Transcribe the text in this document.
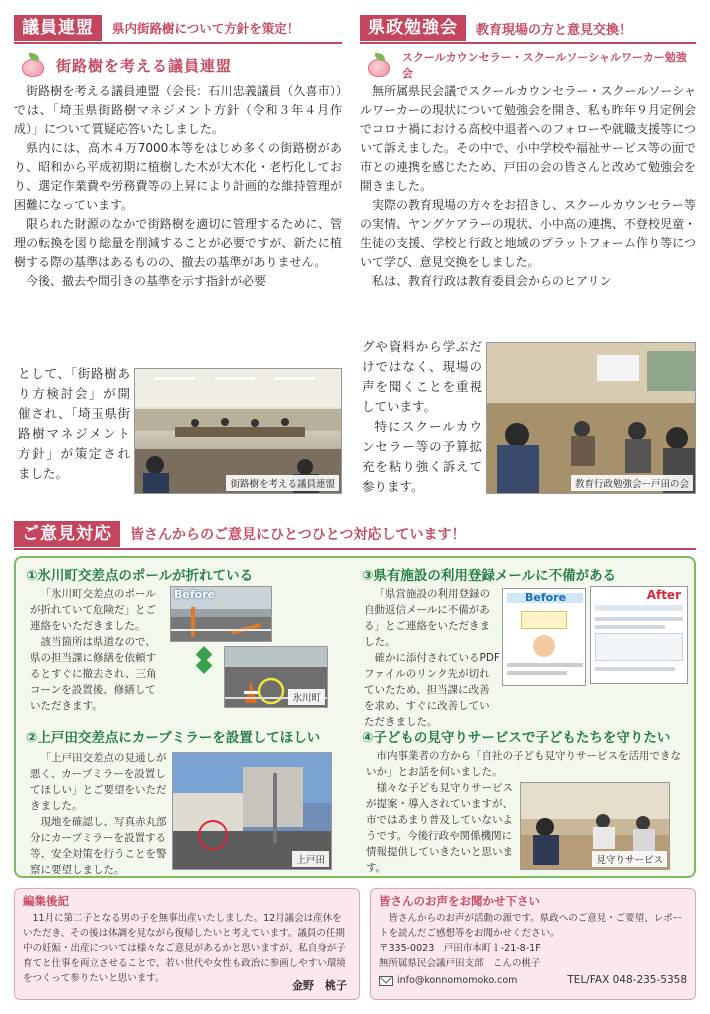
議員連盟	県内街路樹について方針を策定！
街路樹を考える議員連盟

街路樹を考える議員連盟（会長：石川忠義議員（久喜市））では、「埼玉県街路樹マネジメント方針（令和３年４月作成）」について質疑応答いたしました。

県内には、高木４万7000本等をはじめ多くの街路樹があり、昭和から平成初期に植樹した木が大木化・老朽化しており、選定作業費や労務費等の上昇により計画的な維持管理が困難になっています。

限られた財源のなかで街路樹を適切に管理するために、管理の転換を図り総量を削減することが必要ですが、新たに植樹する際の基準はあるものの、撤去の基準がありません。

今後、撤去や間引きの基準を示す指針が必要

として、「街路樹あり方検討会」が開催され、「埼玉県街路樹マネジメント方針」が策定されました。
街路樹を考える議員連盟
県政勉強会	教育現場の方と意見交換！
スクールカウンセラー・スクールソーシャルワーカー勉強会

無所属県民会議でスクールカウンセラー・スクールソーシャルワーカーの現状について勉強会を開き、私も昨年９月定例会でコロナ禍における高校中退者へのフォローや就職支援等について訴えました。その中で、小中学校や福祉サービス等の面で市との連携を感じたため、戸田の会の皆さんと改めて勉強会を開きました。

実際の教育現場の方々をお招きし、スクールカウンセラー等の実情、ヤングケアラーの現状、小中高の連携、不登校児童・生徒の支援、学校と行政と地域のプラットフォーム作り等について学び、意見交換をしました。

私は、教育行政は教育委員会からのヒアリン

グや資料から学ぶだけではなく、現場の声を聞くことを重視しています。
特にスクールカウンセラー等の予算拡充を粘り強く訴えて参ります。	教育行政勉強会ー戸田の会
ご意見対応	皆さんからのご意見にひとつひとつ対応しています！
①氷川町交差点のポールが折れている

「氷川町交差点のポールが折れていて危険だ」とご連絡をいただきました。

該当箇所は県道なので、県の担当課に修繕を依頼するとすぐに撤去され、三角コーンを設置後、修繕していただきます。

Before
氷川町
②上戸田交差点にカーブミラーを設置してほしい

「上戸田交差点の見通しが悪く、カーブミラーを設置してほしい」とご要望をいただきました。

現地を確認し、写真赤丸部分にカーブミラーを設置する等、安全対策を行うことを警察に要望しました。

上戸田
③県有施設の利用登録メールに不備がある

「県営施設の利用登録の自動返信メールに不備がある」とご連絡をいただきました。

確かに添付されているPDFファイルのリンク先が切れていたため、担当課に改善を求め、すぐに改善していただきました。

Before	After
④子どもの見守りサービスで子どもたちを守りたい

市内事業者の方から「自社の子ども見守りサービスを活用できないか」とお話を伺いました。

様々な子ども見守りサービスが提案・導入されていますが、市ではあまり普及していないようです。今後行政や関係機関に情報提供していきたいと思います。

見守りサービス
編集後記

11月に第二子となる男の子を無事出産いたしました。12月議会は産休をいただき、その後は体調を見ながら復帰したいと考えています。議員の任期中の妊娠・出産については様々なご意見があるかと思いますが、私自身が子育てと仕事を両立させることで、若い世代や女性も政治に参画しやすい環境をつくって参りたいと思います。

金野　桃子
皆さんのお声をお聞かせ下さい

皆さんからのお声が活動の源です。県政へのご意見・ご要望、レポートを読んだご感想等をお聞かせください。

〒335-0023　戸田市本町１-21-8-1F
無所属県民会議戸田支部　こんの桃子
info@konnomomoko.com	TEL/FAX 048-235-5358
